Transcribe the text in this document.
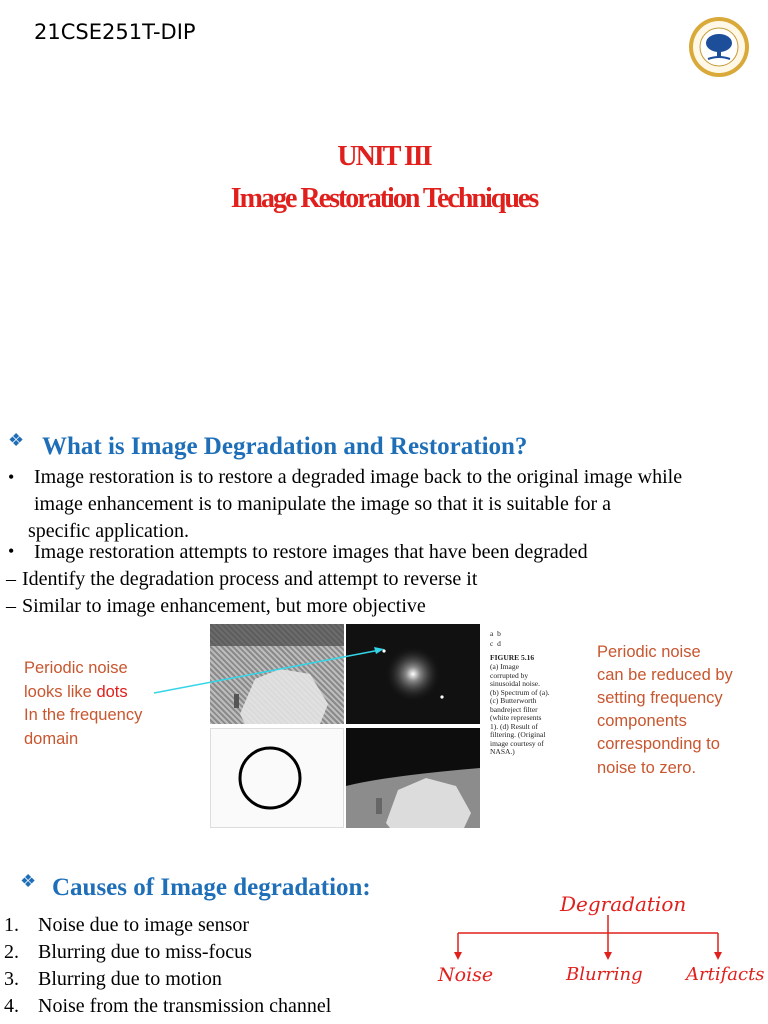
21CSE251T-DIP
UNIT III
Image Restoration Techniques
❖ What is Image Degradation and Restoration?
• Image restoration is to restore a degraded image back to the original image while
image enhancement is to manipulate the image so that it is suitable for a
specific application.
• Image restoration attempts to restore images that have been degraded
– Identify the degradation process and attempt to reverse it
– Similar to image enhancement, but more objective
a  b
c  d
FIGURE 5.16
(a) Image
corrupted by
sinusoidal noise.
(b) Spectrum of (a).
(c) Butterworth
bandreject filter
(white represents
1). (d) Result of
filtering. (Original
image courtesy of
NASA.)
Periodic noise
looks like dots
In the frequency
domain
Periodic noise
can be reduced by
setting frequency
components
corresponding to
noise to zero.
❖ Causes of Image degradation:
1. Noise due to image sensor
2. Blurring due to miss-focus
3. Blurring due to motion
4. Noise from the transmission channel
Degradation
Noise	Blurring Artifacts
